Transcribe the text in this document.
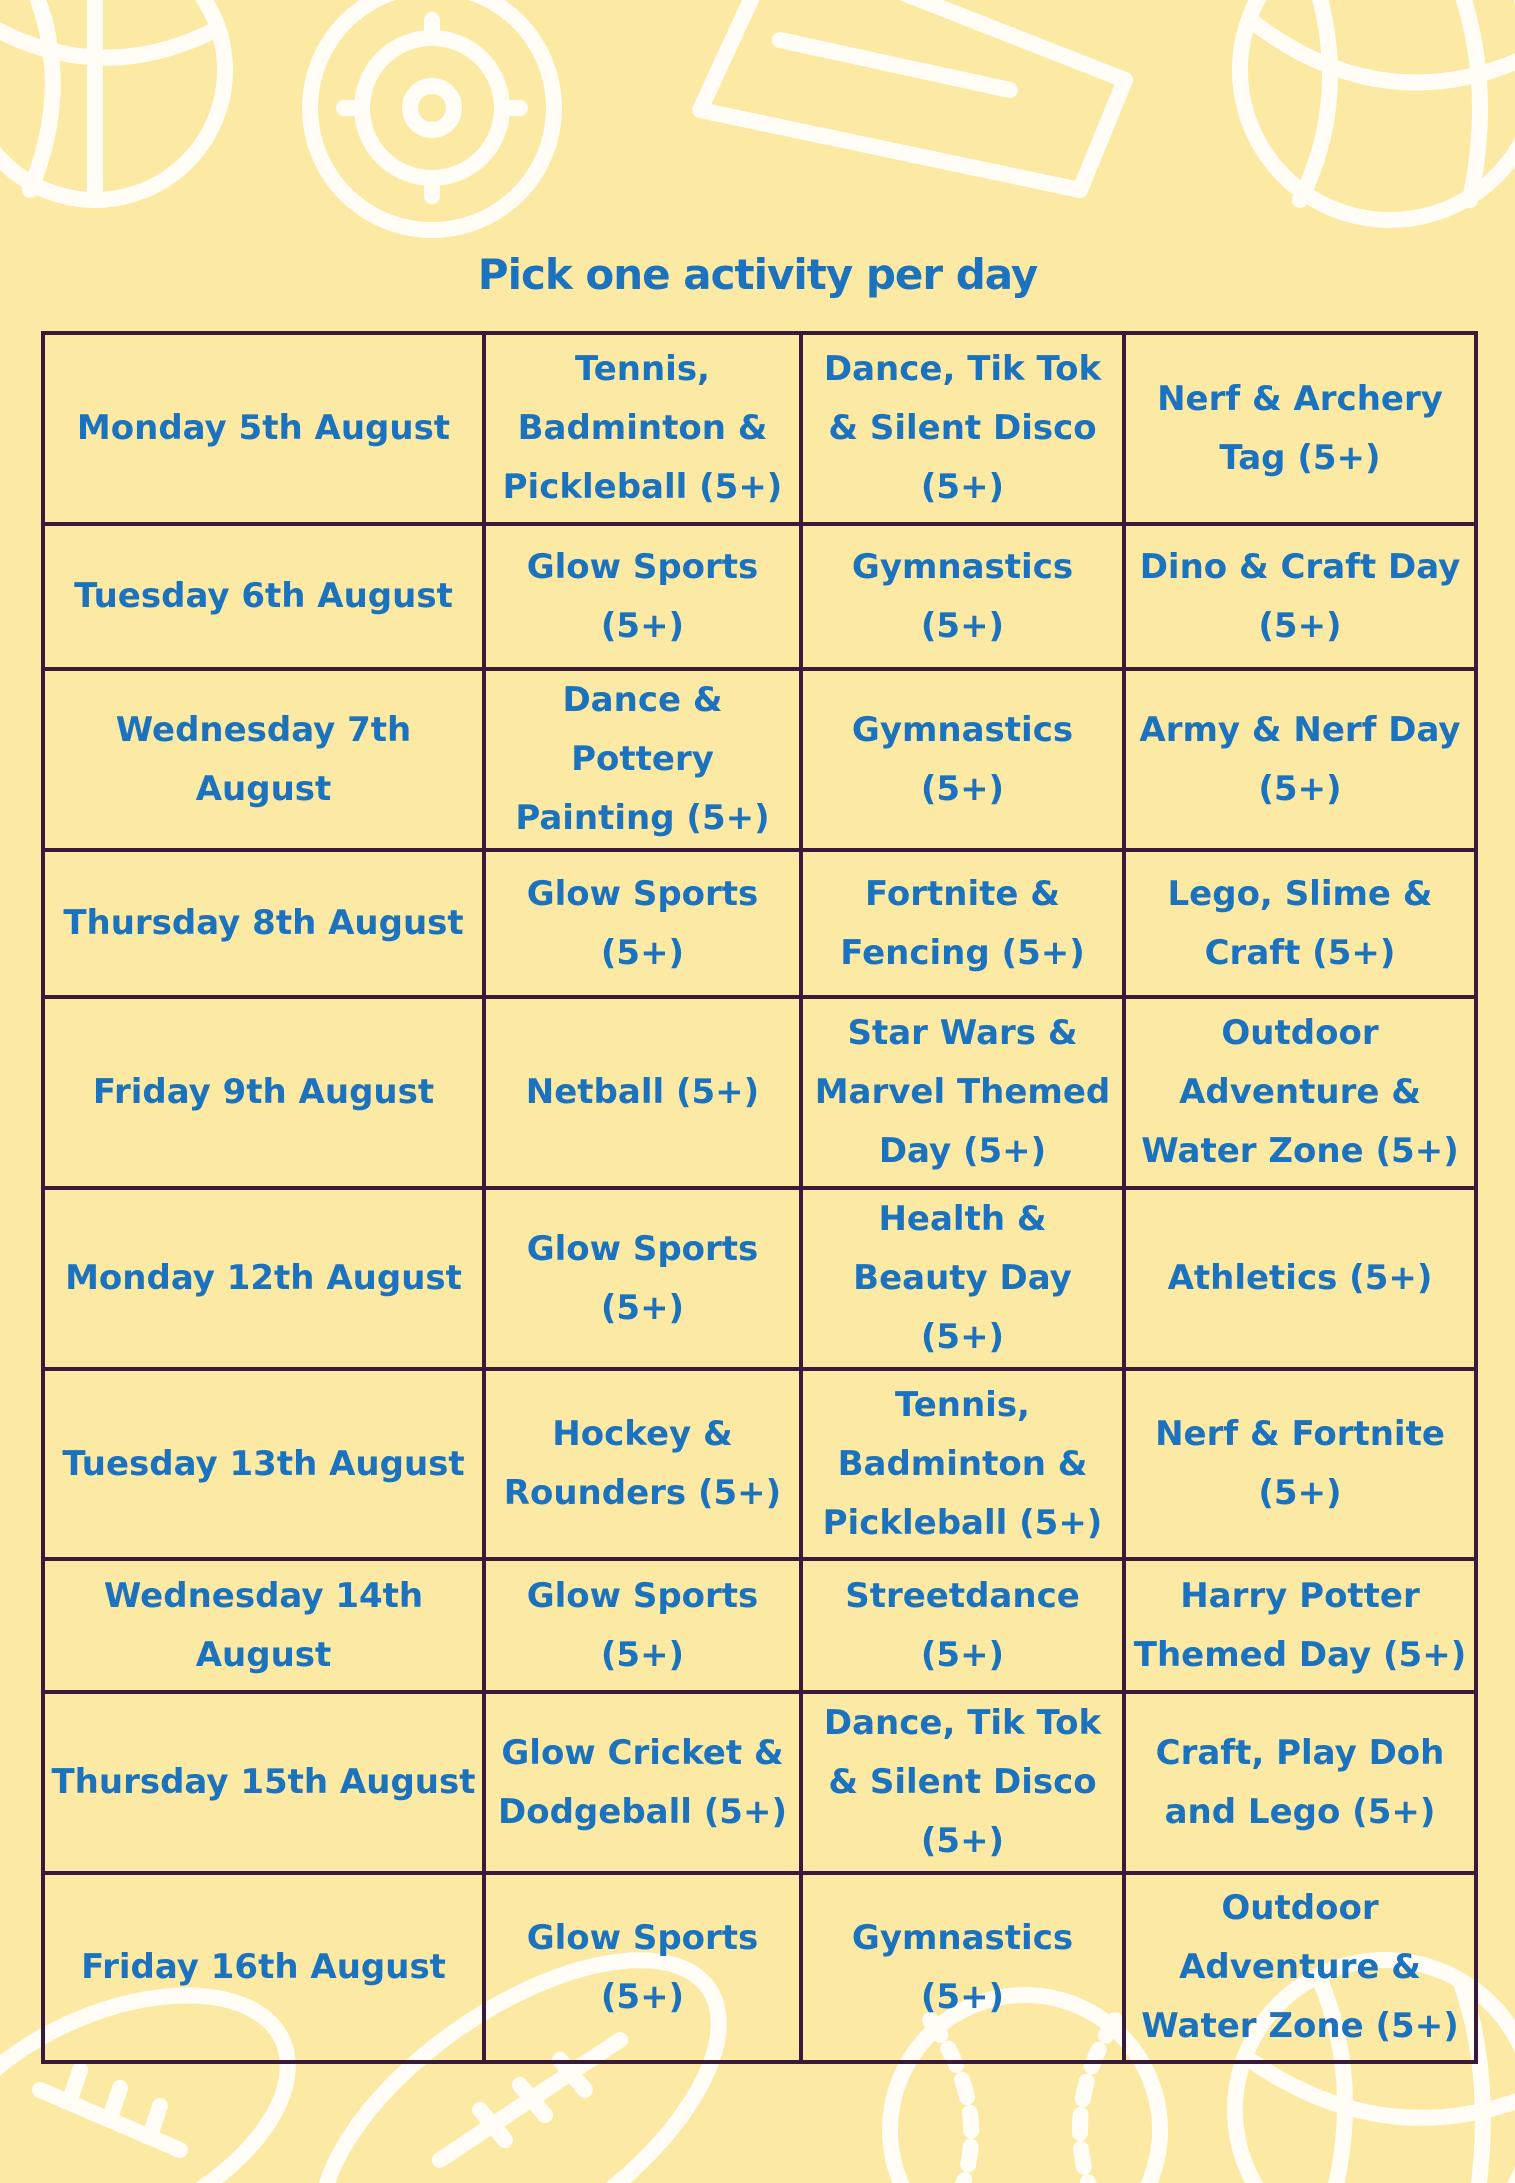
Pick one activity per day
Monday 5th August	Tennis, Badminton & Pickleball (5+)	Dance, Tik Tok & Silent Disco (5+)	Nerf & Archery Tag (5+)
Tuesday 6th August	Glow Sports (5+)	Gymnastics (5+)	Dino & Craft Day (5+)
Wednesday 7th August	Dance & Pottery Painting (5+)	Gymnastics (5+)	Army & Nerf Day (5+)
Thursday 8th August	Glow Sports (5+)	Fortnite & Fencing (5+)	Lego, Slime & Craft (5+)
Friday 9th August	Netball (5+)	Star Wars & Marvel Themed Day (5+)	Outdoor Adventure & Water Zone (5+)
Monday 12th August	Glow Sports (5+)	Health & Beauty Day (5+)	Athletics (5+)
Tuesday 13th August	Hockey & Rounders (5+)	Tennis, Badminton & Pickleball (5+)	Nerf & Fortnite (5+)
Wednesday 14th August	Glow Sports (5+)	Streetdance (5+)	Harry Potter Themed Day (5+)
Thursday 15th August	Glow Cricket & Dodgeball (5+)	Dance, Tik Tok & Silent Disco (5+)	Craft, Play Doh and Lego (5+)
Friday 16th August	Glow Sports (5+)	Gymnastics (5+)	Outdoor Adventure & Water Zone (5+)
